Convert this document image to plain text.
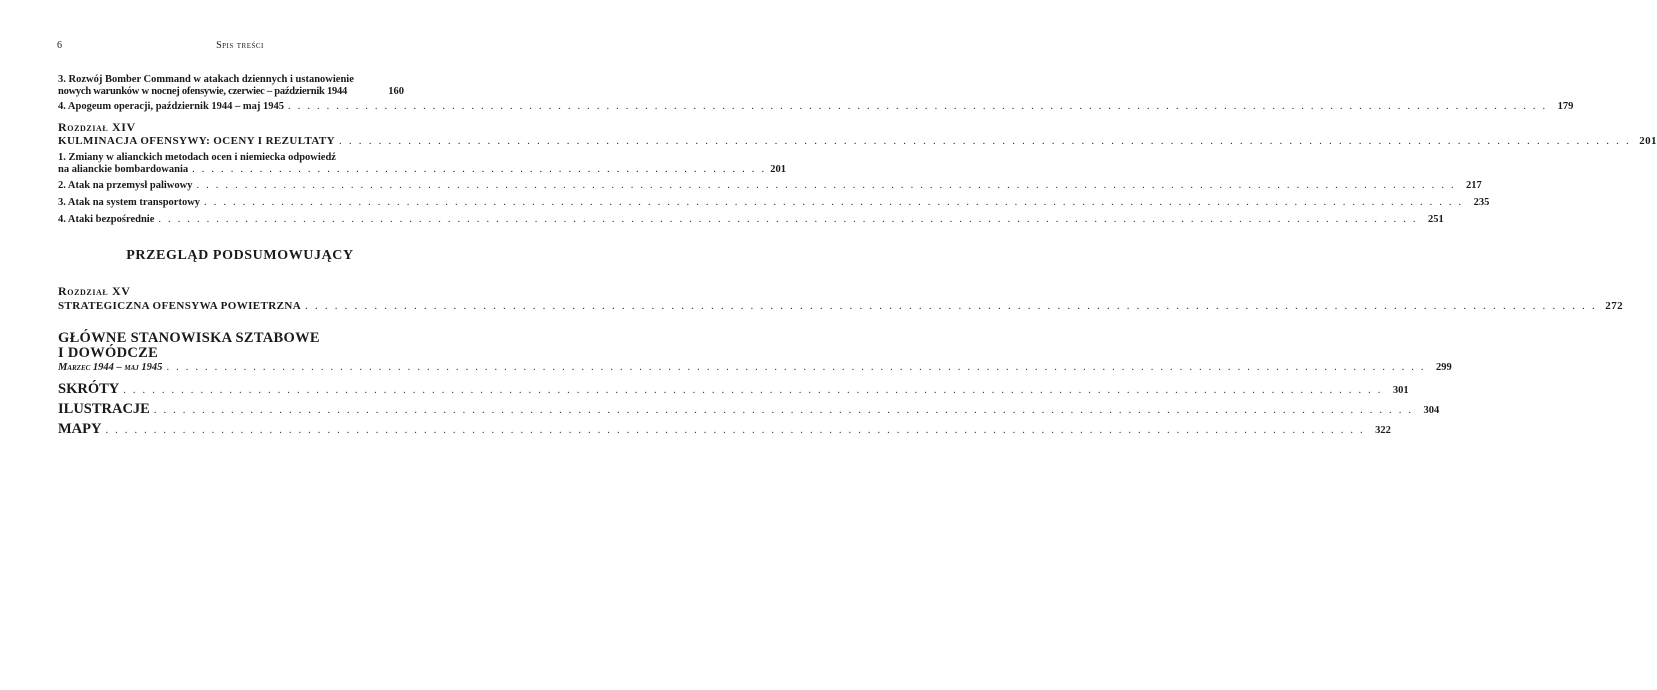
6	Spis treści
3. Rozwój Bomber Command w atakach dziennych i ustanowienie
nowych warunków w nocnej ofensywie, czerwiec – październik 1944	160
4. Apogeum operacji, październik 1944 – maj 1945 . . .	179
Rozdział XIV
KULMINACJA OFENSYWY: OCENY I REZULTATY . . .	201
1. Zmiany w alianckich metodach ocen i niemiecka odpowiedź
na alianckie bombardowania . . . . . . . . . . . . . . . . . . . . . . . . . . . . . . . . . . . . . . . . . . . . . . . . . . . . . . . . . . . . 201
2. Atak na przemysł paliwowy . . .	217
3. Atak na system transportowy . . .	235
4. Ataki bezpośrednie . . .	251
PRZEGLĄD PODSUMOWUJĄCY
Rozdział XV
STRATEGICZNA OFENSYWA POWIETRZNA . . .	272
GŁÓWNE STANOWISKA SZTABOWE
I DOWÓDCZE
Marzec 1944 – maj 1945 . . .	299
SKRÓTY . . .	301
ILUSTRACJE . . .	304
MAPY . . .	322
